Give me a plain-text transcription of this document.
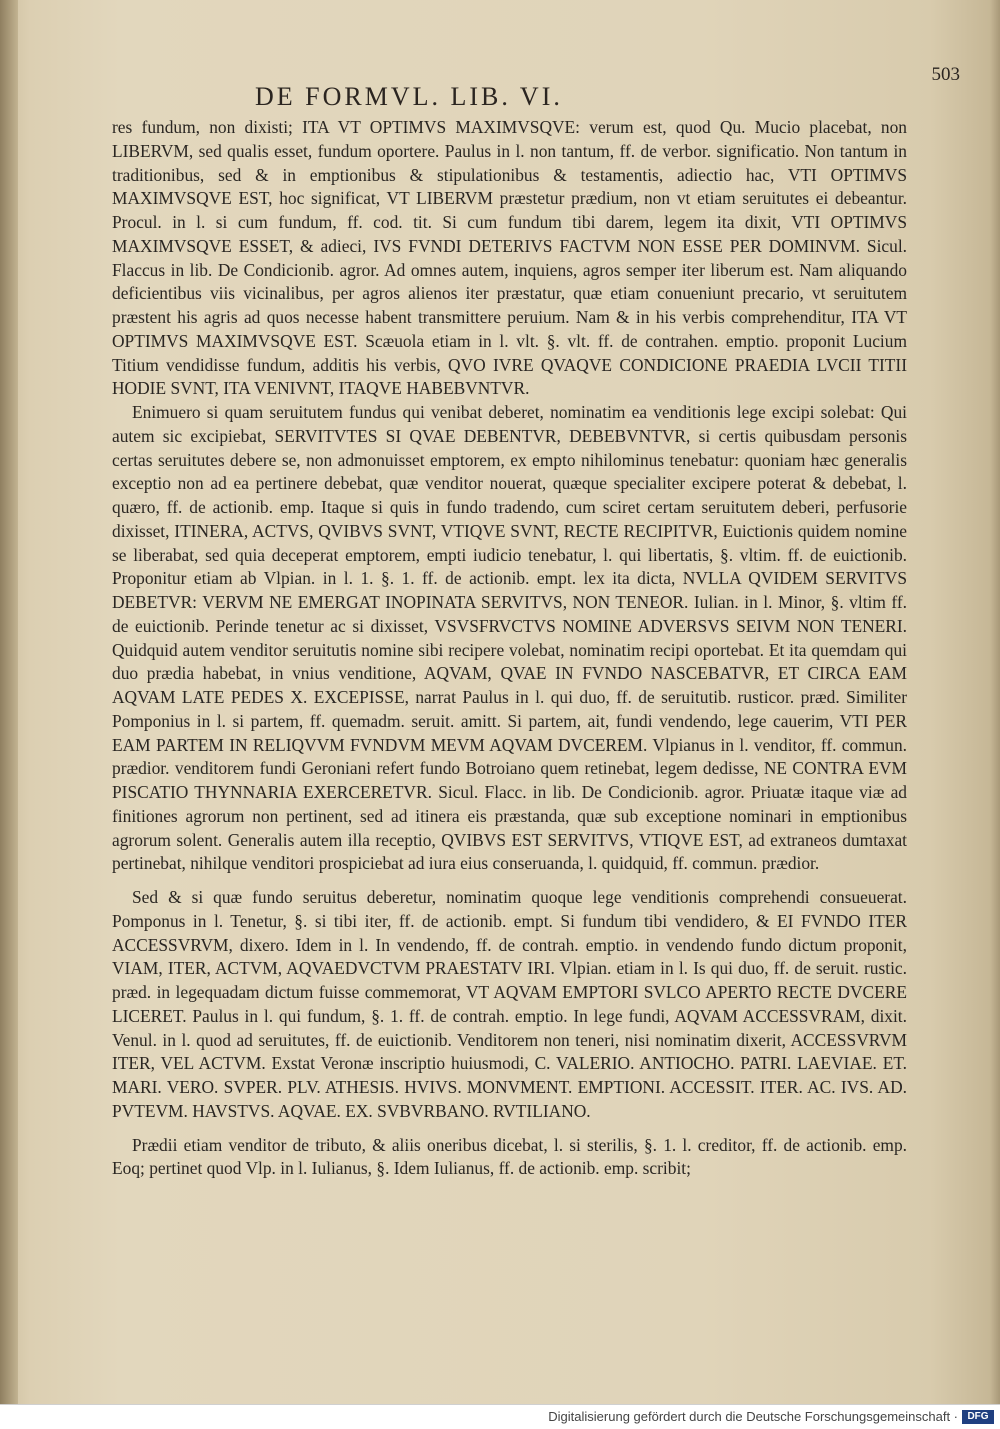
DE FORMVL. LIB. VI.
503

res fundum, non dixisti; ITA VT OPTIMVS MAXIMVSQVE: verum est, quod Qu. Mucio placebat, non LIBERVM, sed qualis esset, fundum oportere. Paulus in l. non tantum, ff. de verbor. significatio. Non tantum in traditionibus, sed & in emptionibus & stipulationibus & testamentis, adiectio hac, VTI OPTIMVS MAXIMVSQVE EST, hoc significat, VT LIBERVM præstetur prædium, non vt etiam seruitutes ei debeantur. Procul. in l. si cum fundum, ff. cod. tit. Si cum fundum tibi darem, legem ita dixit, VTI OPTIMVS MAXIMVSQVE ESSET, & adieci, IVS FVNDI DETERIVS FACTVM NON ESSE PER DOMINVM. Sicul. Flaccus in lib. De Condicionib. agror. Ad omnes autem, inquiens, agros semper iter liberum est. Nam aliquando deficientibus viis vicinalibus, per agros alienos iter præstatur, quæ etiam conueniunt precario, vt seruitutem præstent his agris ad quos necesse habent transmittere peruium. Nam & in his verbis comprehenditur, ITA VT OPTIMVS MAXIMVSQVE EST. Scæuola etiam in l. vlt. §. vlt. ff. de contrahen. emptio. proponit Lucium Titium vendidisse fundum, additis his verbis, QVO IVRE QVAQVE CONDICIONE PRAEDIA LVCII TITII HODIE SVNT, ITA VENIVNT, ITAQVE HABEBVNTVR.

Enimuero si quam seruitutem fundus qui venibat deberet, nominatim ea venditionis lege excipi solebat: Qui autem sic excipiebat, SERVITVTES SI QVAE DEBENTVR, DEBEBVNTVR, si certis quibusdam personis certas seruitutes debere se, non admonuisset emptorem, ex empto nihilominus tenebatur: quoniam hæc generalis exceptio non ad ea pertinere debebat, quæ venditor nouerat, quæque specialiter excipere poterat & debebat, l. quæro, ff. de actionib. emp. Itaque si quis in fundo tradendo, cum sciret certam seruitutem deberi, perfusorie dixisset, ITINERA, ACTVS, QVIBVS SVNT, VTIQVE SVNT, RECTE RECIPITVR, Euictionis quidem nomine se liberabat, sed quia deceperat emptorem, empti iudicio tenebatur, l. qui libertatis, §. vltim. ff. de euictionib. Proponitur etiam ab Vlpian. in l. 1. §. 1. ff. de actionib. empt. lex ita dicta, NVLLA QVIDEM SERVITVS DEBETVR: VERVM NE EMERGAT INOPINATA SERVITVS, NON TENEOR. Iulian. in l. Minor, §. vltim ff. de euictionib. Perinde tenetur ac si dixisset, VSVSFRVCTVS NOMINE ADVERSVS SEIVM NON TENERI. Quidquid autem venditor seruitutis nomine sibi recipere volebat, nominatim recipi oportebat. Et ita quemdam qui duo prædia habebat, in vnius venditione, AQVAM, QVAE IN FVNDO NASCEBATVR, ET CIRCA EAM AQVAM LATE PEDES X. EXCEPISSE, narrat Paulus in l. qui duo, ff. de seruitutib. rusticor. præd. Similiter Pomponius in l. si partem, ff. quemadm. seruit. amitt. Si partem, ait, fundi vendendo, lege cauerim, VTI PER EAM PARTEM IN RELIQVVM FVNDVM MEVM AQVAM DVCEREM. Vlpianus in l. venditor, ff. commun. prædior. venditorem fundi Geroniani refert fundo Botroiano quem retinebat, legem dedisse, NE CONTRA EVM PISCATIO THYNNARIA EXERCERETVR. Sicul. Flacc. in lib. De Condicionib. agror. Priuatæ itaque viæ ad finitiones agrorum non pertinent, sed ad itinera eis præstanda, quæ sub exceptione nominari in emptionibus agrorum solent. Generalis autem illa receptio, QVIBVS EST SERVITVS, VTIQVE EST, ad extraneos dumtaxat pertinebat, nihilque venditori prospiciebat ad iura eius conseruanda, l. quidquid, ff. commun. prædior.

Sed & si quæ fundo seruitus deberetur, nominatim quoque lege venditionis comprehendi consueuerat. Pomponus in l. Tenetur, §. si tibi iter, ff. de actionib. empt. Si fundum tibi vendidero, & EI FVNDO ITER ACCESSVRVM, dixero. Idem in l. In vendendo, ff. de contrah. emptio. in vendendo fundo dictum proponit, VIAM, ITER, ACTVM, AQVAEDVCTVM PRAESTATV IRI. Vlpian. etiam in l. Is qui duo, ff. de seruit. rustic. præd. in legequadam dictum fuisse commemorat, VT AQVAM EMPTORI SVLCO APERTO RECTE DVCERE LICERET. Paulus in l. qui fundum, §. 1. ff. de contrah. emptio. In lege fundi, AQVAM ACCESSVRAM, dixit. Venul. in l. quod ad seruitutes, ff. de euictionib. Venditorem non teneri, nisi nominatim dixerit, ACCESSVRVM ITER, VEL ACTVM. Exstat Veronæ inscriptio huiusmodi, C. VALERIO. ANTIOCHO. PATRI. LAEVIAE. ET. MARI. VERO. SVPER. PLV. ATHESIS. HVIVS. MONVMENT. EMPTIONI. ACCESSIT. ITER. AC. IVS. AD. PVTEVM. HAVSTVS. AQVAE. EX. SVBVRBANO. RVTILIANO.

Prædii etiam venditor de tributo, & aliis oneribus dicebat, l. si sterilis, §. 1. l. creditor, ff. de actionib. emp. Eoq; pertinet quod Vlp. in l. Iulianus, §. Idem Iulianus, ff. de actionib. emp. scribit;

Digitalisierung gefördert durch die Deutsche Forschungsgemeinschaft · DFG
